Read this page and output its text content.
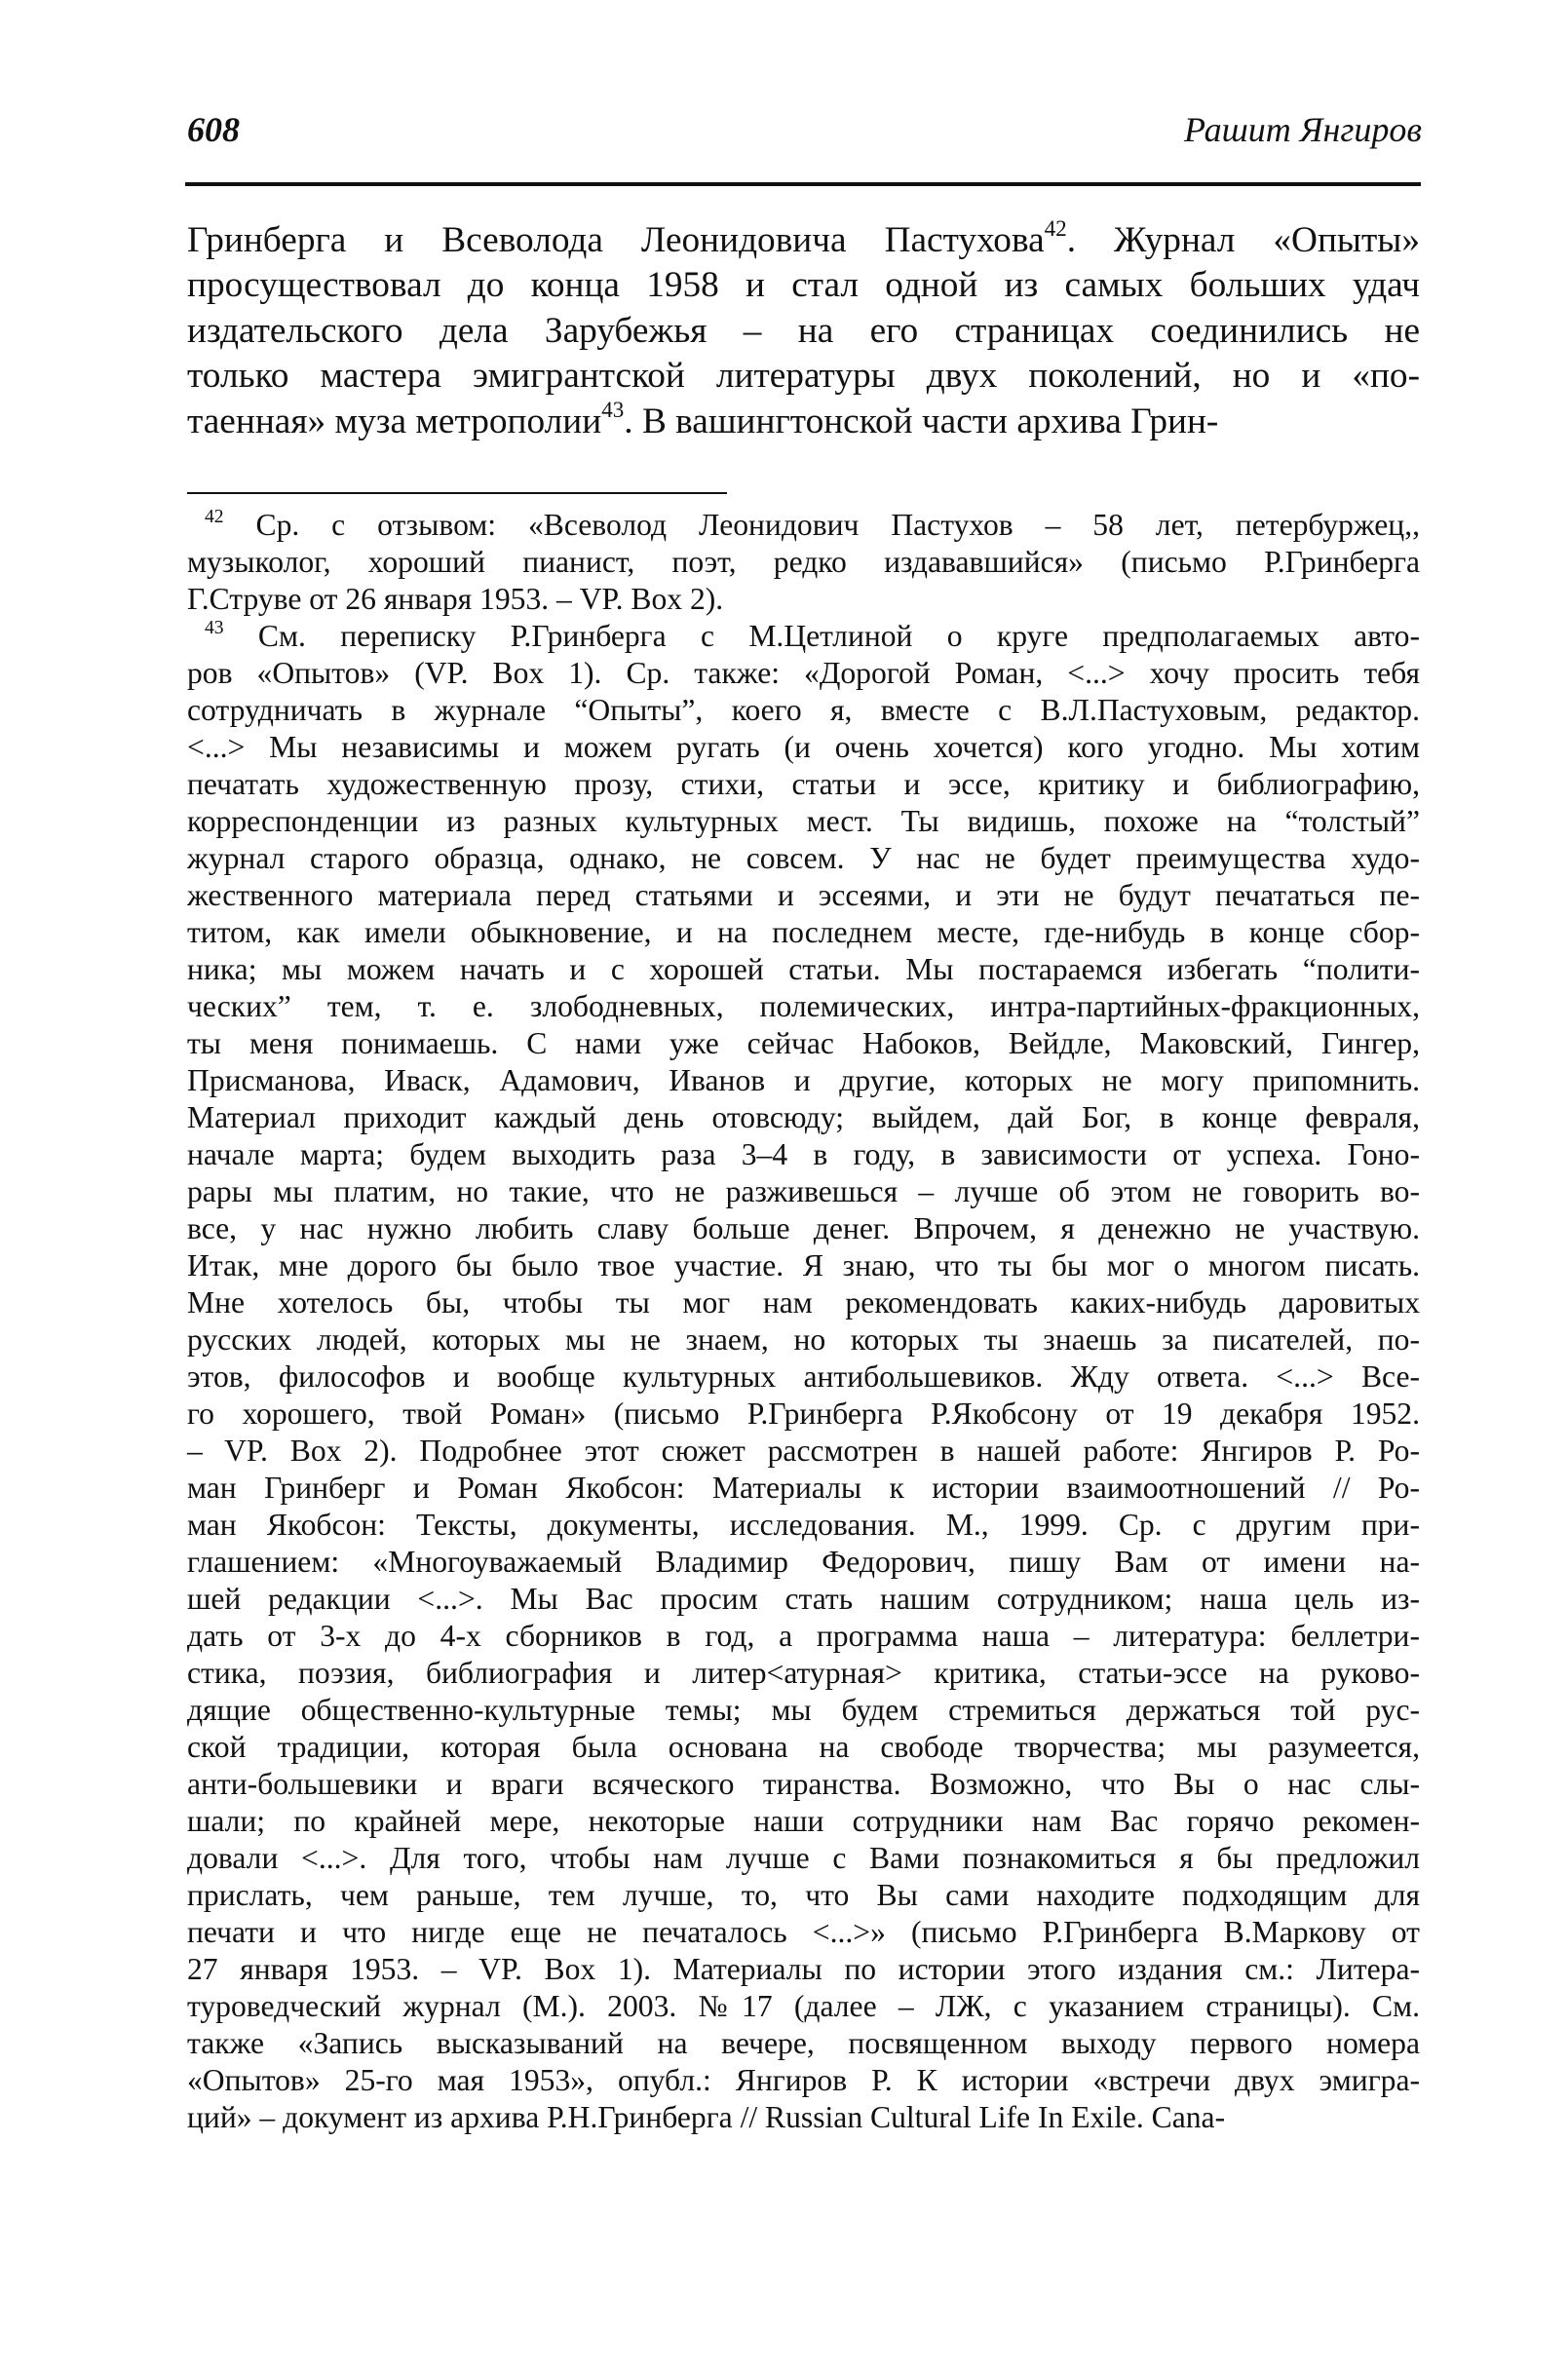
608	Рашит Янгиров
Гринберга и Всеволода Леонидовича Пастухова$^{42}$. Журнал «Опыты»
просуществовал до конца 1958 и стал одной из самых больших удач
издательского дела Зарубежья – на его страницах соединились не
только мастера эмигрантской литературы двух поколений, но и «по-
таенная» муза метрополии$^{43}$. В вашингтонской части архива Грин-
$^{42}$ Ср. с отзывом: «Всеволод Леонидович Пастухов – 58 лет, петербуржец,,
музыколог, хороший пианист, поэт, редко издававшийся» (письмо Р.Гринберга
Г.Струве от 26 января 1953. – VP. Box 2).
$^{43}$ См. переписку Р.Гринберга с М.Цетлиной о круге предполагаемых авто-
ров «Опытов» (VP. Box 1). Ср. также: «Дорогой Роман, <...> хочу просить тебя
сотрудничать в журнале “Опыты”, коего я, вместе с В.Л.Пастуховым, редактор.
<...> Мы независимы и можем ругать (и очень хочется) кого угодно. Мы хотим
печатать художественную прозу, стихи, статьи и эссе, критику и библиографию,
корреспонденции из разных культурных мест. Ты видишь, похоже на “толстый”
журнал старого образца, однако, не совсем. У нас не будет преимущества худо-
жественного материала перед статьями и эссеями, и эти не будут печататься пе-
титом, как имели обыкновение, и на последнем месте, где-нибудь в конце сбор-
ника; мы можем начать и с хорошей статьи. Мы постараемся избегать “полити-
ческих” тем, т. е. злободневных, полемических, интра-партийных-фракционных,
ты меня понимаешь. С нами уже сейчас Набоков, Вейдле, Маковский, Гингер,
Присманова, Иваск, Адамович, Иванов и другие, которых не могу припомнить.
Материал приходит каждый день отовсюду; выйдем, дай Бог, в конце февраля,
начале марта; будем выходить раза 3–4 в году, в зависимости от успеха. Гоно-
рары мы платим, но такие, что не разживешься – лучше об этом не говорить во-
все, у нас нужно любить славу больше денег. Впрочем, я денежно не участвую.
Итак, мне дорого бы было твое участие. Я знаю, что ты бы мог о многом писать.
Мне хотелось бы, чтобы ты мог нам рекомендовать каких-нибудь даровитых
русских людей, которых мы не знаем, но которых ты знаешь за писателей, по-
этов, философов и вообще культурных антибольшевиков. Жду ответа. <...> Все-
го хорошего, твой Роман» (письмо Р.Гринберга Р.Якобсону от 19 декабря 1952.
– VP. Box 2). Подробнее этот сюжет рассмотрен в нашей работе: Янгиров Р. Ро-
ман Гринберг и Роман Якобсон: Материалы к истории взаимоотношений // Ро-
ман Якобсон: Тексты, документы, исследования. М., 1999. Ср. с другим при-
глашением: «Многоуважаемый Владимир Федорович, пишу Вам от имени на-
шей редакции <...>. Мы Вас просим стать нашим сотрудником; наша цель из-
дать от 3-х до 4-х сборников в год, а программа наша – литература: беллетри-
стика, поэзия, библиография и литер<атурная> критика, статьи-эссе на руково-
дящие общественно-культурные темы; мы будем стремиться держаться той рус-
ской традиции, которая была основана на свободе творчества; мы разумеется,
анти-большевики и враги всяческого тиранства. Возможно, что Вы о нас слы-
шали; по крайней мере, некоторые наши сотрудники нам Вас горячо рекомен-
довали <...>. Для того, чтобы нам лучше с Вами познакомиться я бы предложил
прислать, чем раньше, тем лучше, то, что Вы сами находите подходящим для
печати и что нигде еще не печаталось <...>» (письмо Р.Гринберга В.Маркову от
27 января 1953. – VP. Box 1). Материалы по истории этого издания см.: Литера-
туроведческий журнал (М.). 2003. №17 (далее – ЛЖ, с указанием страницы). См.
также «Запись высказываний на вечере, посвященном выходу первого номера
«Опытов» 25-го мая 1953», опубл.: Янгиров Р. К истории «встречи двух эмигра-
ций» – документ из архива Р.Н.Гринберга // Russian Cultural Life In Exile. Cana-
